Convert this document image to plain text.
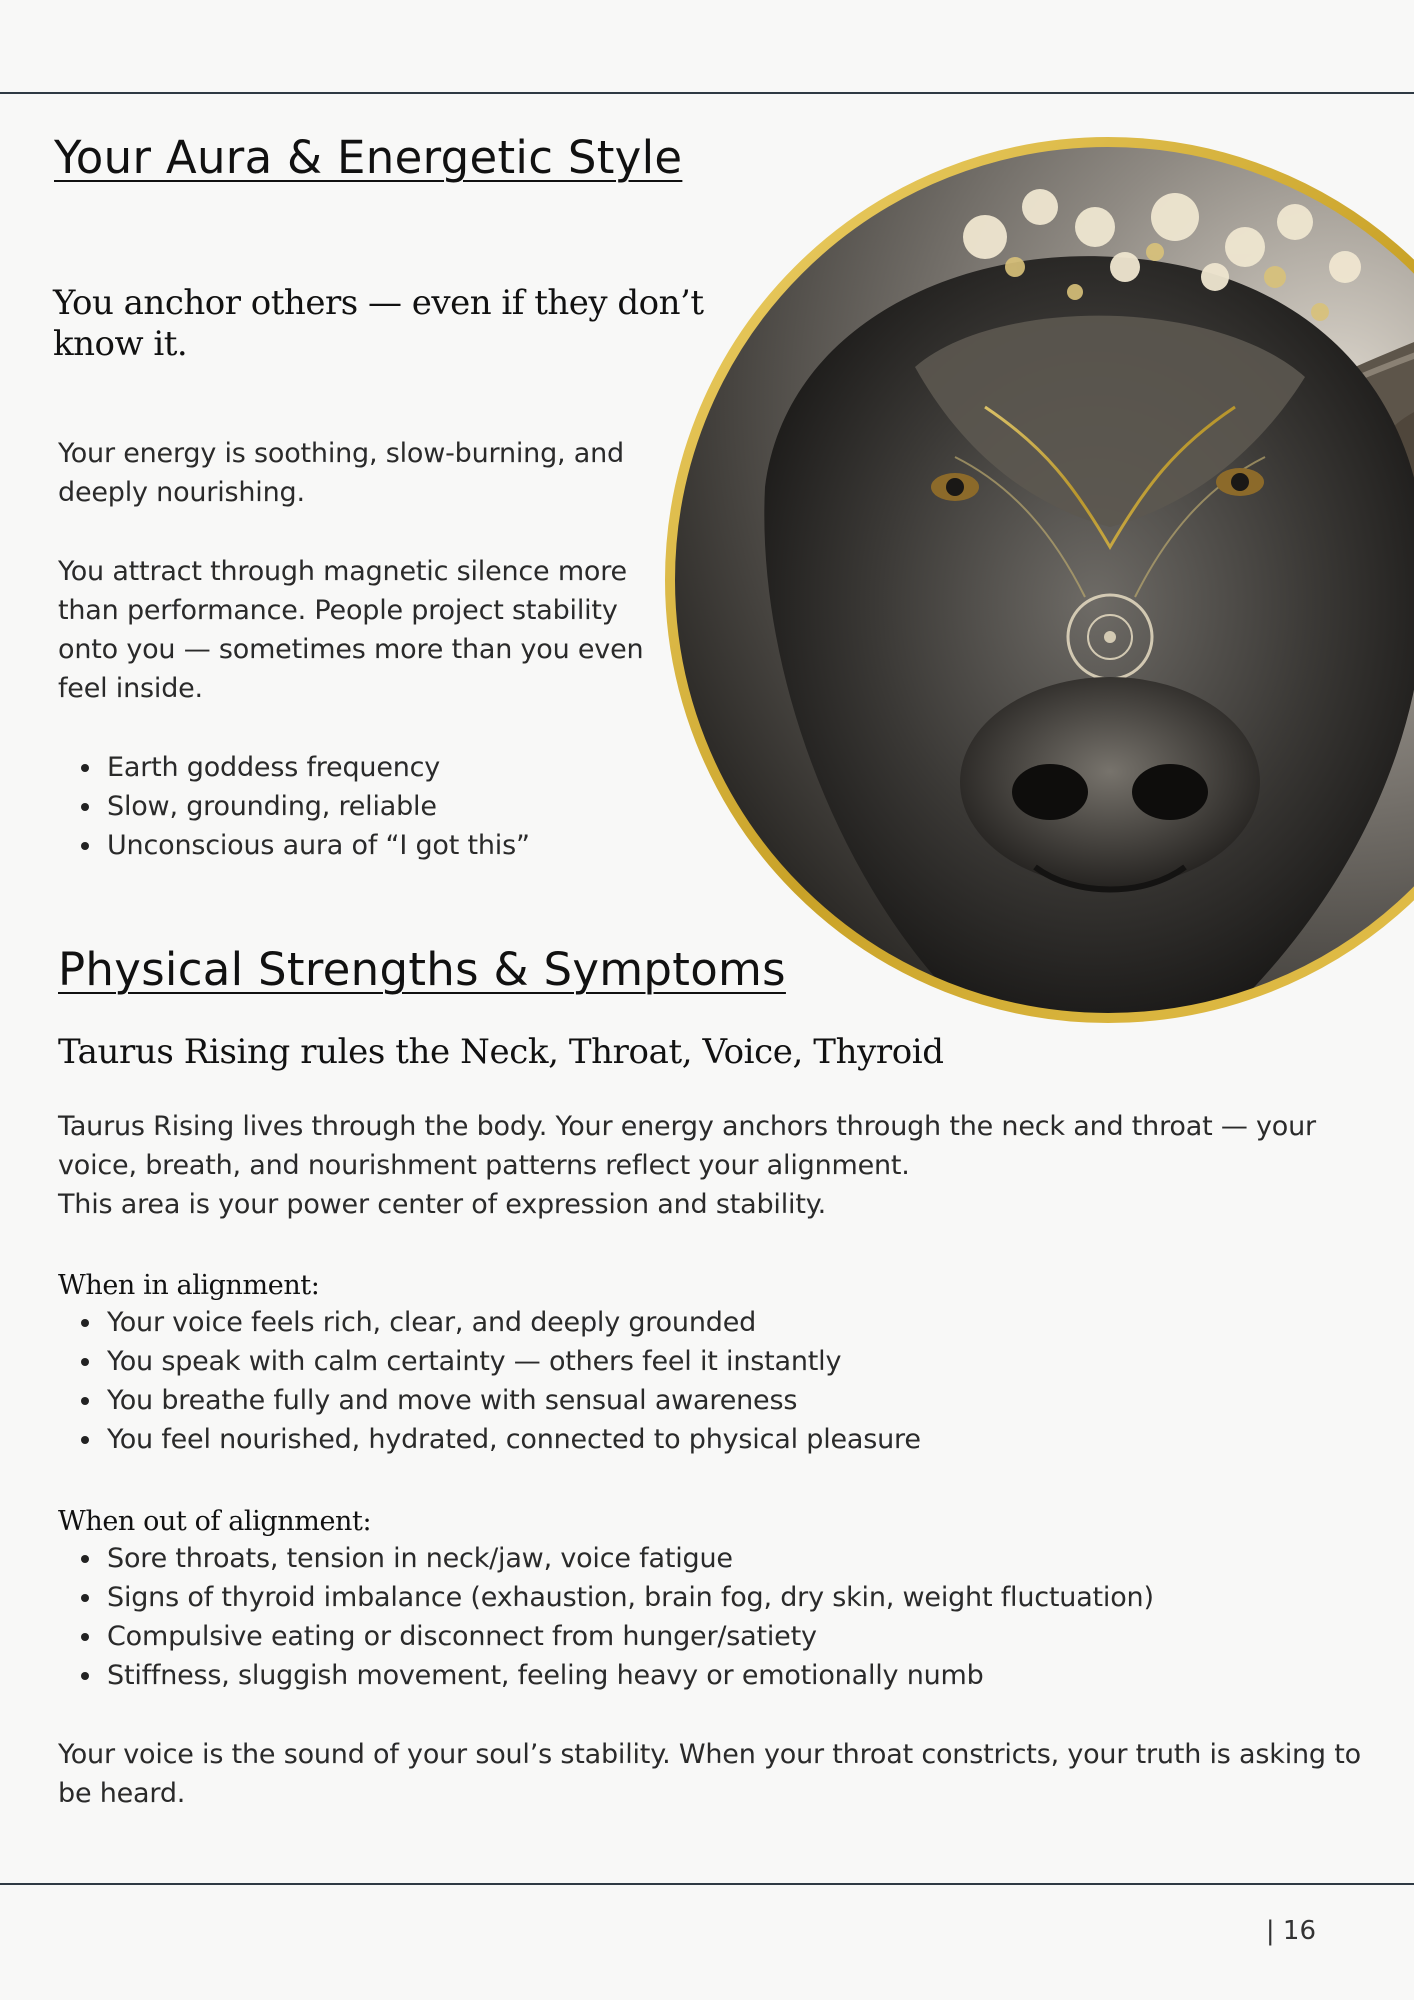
Your Aura & Energetic Style
You anchor others — even if they don’t know it.

Your energy is soothing, slow-burning, and deeply nourishing.

You attract through magnetic silence more than performance. People project stability onto you — sometimes more than you even feel inside.

Earth goddess frequency
Slow, grounding, reliable
Unconscious aura of “I got this”
Physical Strengths & Symptoms
Taurus Rising rules the Neck, Throat, Voice, Thyroid
Taurus Rising lives through the body. Your energy anchors through the neck and throat — your voice, breath, and nourishment patterns reflect your alignment.
This area is your power center of expression and stability.
When in alignment:
Your voice feels rich, clear, and deeply grounded
You speak with calm certainty — others feel it instantly
You breathe fully and move with sensual awareness
You feel nourished, hydrated, connected to physical pleasure
When out of alignment:
Sore throats, tension in neck/jaw, voice fatigue
Signs of thyroid imbalance (exhaustion, brain fog, dry skin, weight fluctuation)
Compulsive eating or disconnect from hunger/satiety
Stiffness, sluggish movement, feeling heavy or emotionally numb

Your voice is the sound of your soul’s stability. When your throat constricts, your truth is asking to be heard.

| 16
